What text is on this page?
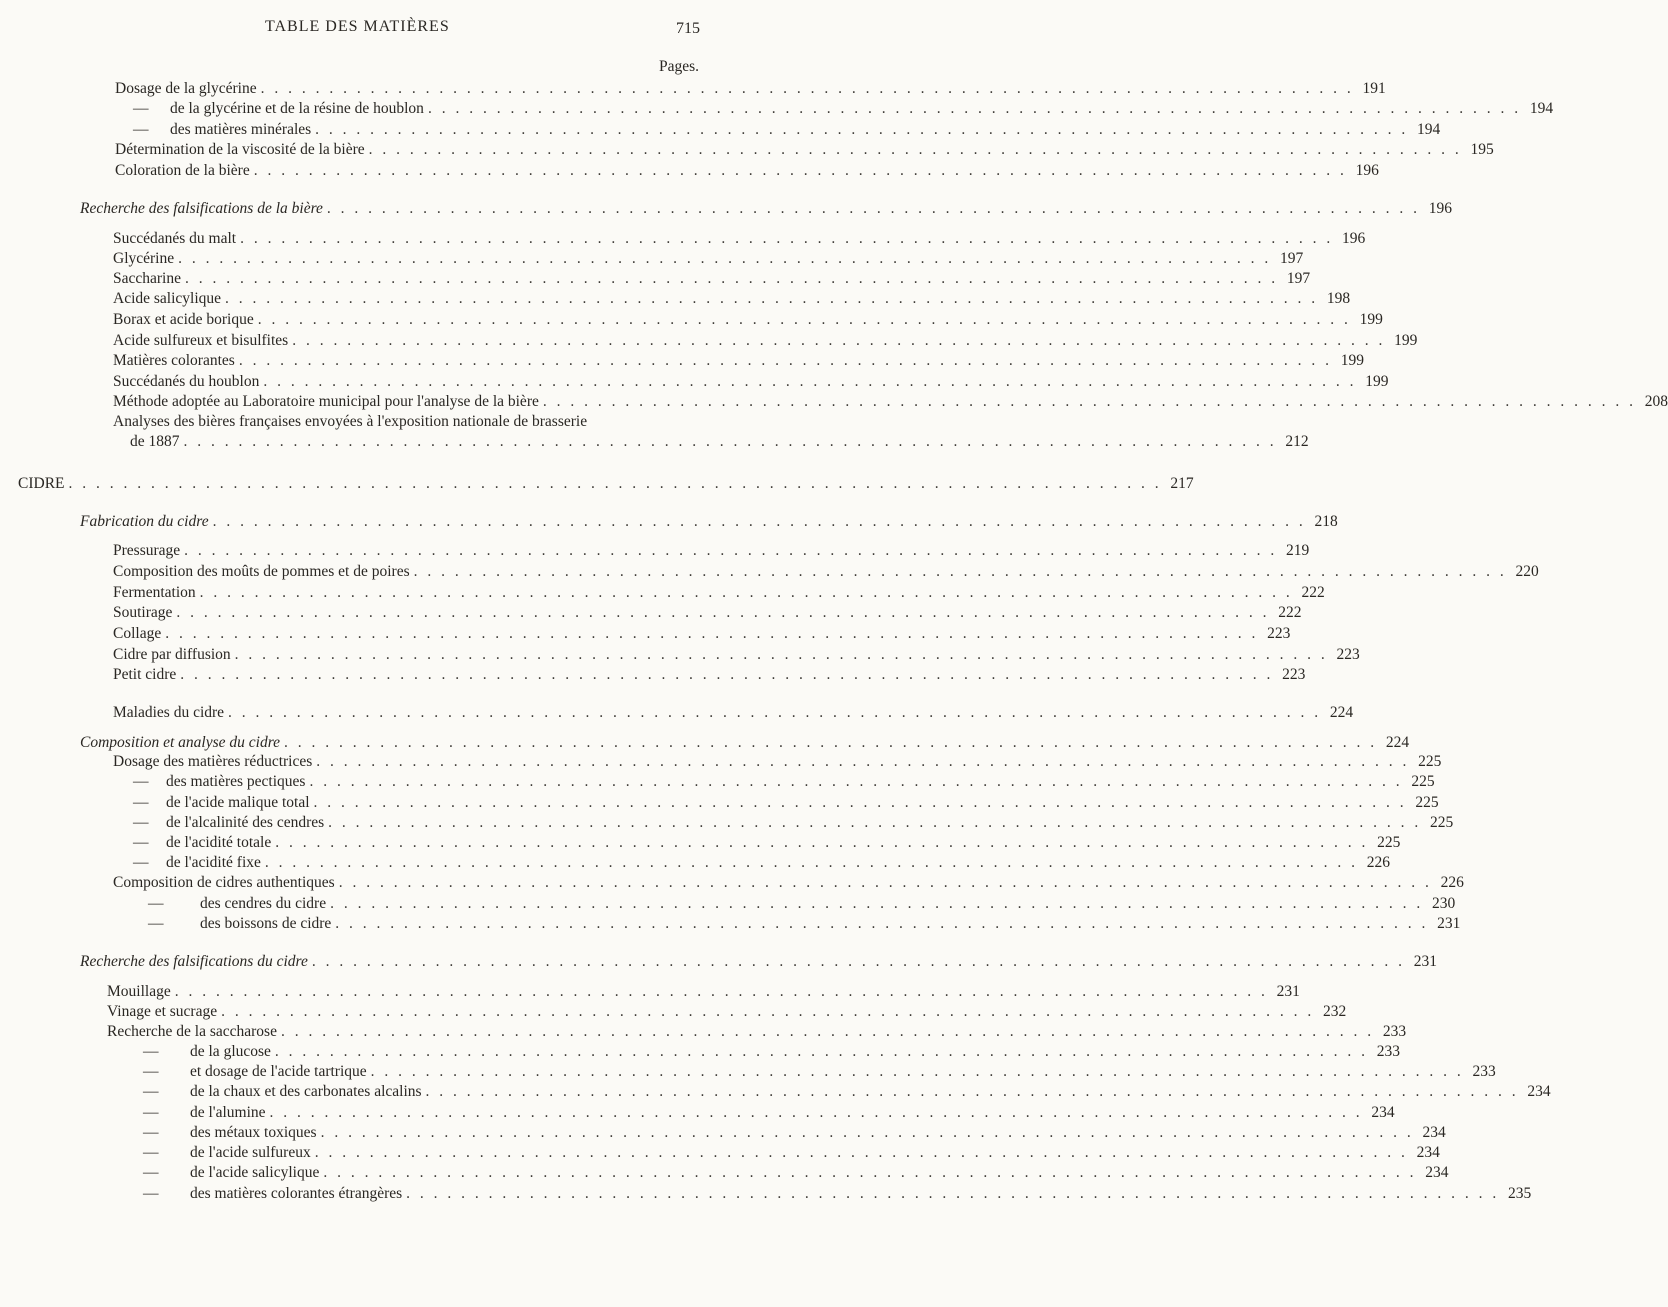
TABLE DES MATIÈRES	715
Pages.
Dosage de la glycérine . . . . . . . . . . . . . . . . . . . . . . . . . . . . . . . . . . . . . . . . . . . . . . . . . . . . . . . . . . . . . . . . . . . . . . . . . . . . . . . . 191
— de la glycérine et de la résine de houblon . . . . . . . . . . . . . . . . . . . . . . . . . . . . . . . . . . . . . . . . . . . . . . . . . . . . . . . . . . . . . . . . . . . . . . . . . . . . . . . . 194
— des matières minérales . . . . . . . . . . . . . . . . . . . . . . . . . . . . . . . . . . . . . . . . . . . . . . . . . . . . . . . . . . . . . . . . . . . . . . . . . . . . . . . . 194
Détermination de la viscosité de la bière . . . . . . . . . . . . . . . . . . . . . . . . . . . . . . . . . . . . . . . . . . . . . . . . . . . . . . . . . . . . . . . . . . . . . . . . . . . . . . . . 195
Coloration de la bière . . . . . . . . . . . . . . . . . . . . . . . . . . . . . . . . . . . . . . . . . . . . . . . . . . . . . . . . . . . . . . . . . . . . . . . . . . . . . . . . 196
Recherche des falsifications de la bière . . . . . . . . . . . . . . . . . . . . . . . . . . . . . . . . . . . . . . . . . . . . . . . . . . . . . . . . . . . . . . . . . . . . . . . . . . . . . . . . 196
Succédanés du malt . . . . . . . . . . . . . . . . . . . . . . . . . . . . . . . . . . . . . . . . . . . . . . . . . . . . . . . . . . . . . . . . . . . . . . . . . . . . . . . . 196
Glycérine . . . . . . . . . . . . . . . . . . . . . . . . . . . . . . . . . . . . . . . . . . . . . . . . . . . . . . . . . . . . . . . . . . . . . . . . . . . . . . . . 197
Saccharine . . . . . . . . . . . . . . . . . . . . . . . . . . . . . . . . . . . . . . . . . . . . . . . . . . . . . . . . . . . . . . . . . . . . . . . . . . . . . . . . 197
Acide salicylique . . . . . . . . . . . . . . . . . . . . . . . . . . . . . . . . . . . . . . . . . . . . . . . . . . . . . . . . . . . . . . . . . . . . . . . . . . . . . . . . 198
Borax et acide borique . . . . . . . . . . . . . . . . . . . . . . . . . . . . . . . . . . . . . . . . . . . . . . . . . . . . . . . . . . . . . . . . . . . . . . . . . . . . . . . . 199
Acide sulfureux et bisulfites . . . . . . . . . . . . . . . . . . . . . . . . . . . . . . . . . . . . . . . . . . . . . . . . . . . . . . . . . . . . . . . . . . . . . . . . . . . . . . . . 199
Matières colorantes . . . . . . . . . . . . . . . . . . . . . . . . . . . . . . . . . . . . . . . . . . . . . . . . . . . . . . . . . . . . . . . . . . . . . . . . . . . . . . . . 199
Succédanés du houblon . . . . . . . . . . . . . . . . . . . . . . . . . . . . . . . . . . . . . . . . . . . . . . . . . . . . . . . . . . . . . . . . . . . . . . . . . . . . . . . . 199
Méthode adoptée au Laboratoire municipal pour l'analyse de la bière . . . . . . . . . . . . . . . . . . . . . . . . . . . . . . . . . . . . . . . . . . . . . . . . . . . . . . . . . . . . . . . . . . . . . . . . . . . . . . . . 208
Analyses des bières françaises envoyées à l'exposition nationale de brasserie
de 1887 . . . . . . . . . . . . . . . . . . . . . . . . . . . . . . . . . . . . . . . . . . . . . . . . . . . . . . . . . . . . . . . . . . . . . . . . . . . . . . . . 212
CIDRE . . . . . . . . . . . . . . . . . . . . . . . . . . . . . . . . . . . . . . . . . . . . . . . . . . . . . . . . . . . . . . . . . . . . . . . . . . . . . . . . 217
Fabrication du cidre . . . . . . . . . . . . . . . . . . . . . . . . . . . . . . . . . . . . . . . . . . . . . . . . . . . . . . . . . . . . . . . . . . . . . . . . . . . . . . . . 218
Pressurage . . . . . . . . . . . . . . . . . . . . . . . . . . . . . . . . . . . . . . . . . . . . . . . . . . . . . . . . . . . . . . . . . . . . . . . . . . . . . . . . 219
Composition des moûts de pommes et de poires . . . . . . . . . . . . . . . . . . . . . . . . . . . . . . . . . . . . . . . . . . . . . . . . . . . . . . . . . . . . . . . . . . . . . . . . . . . . . . . . 220
Fermentation . . . . . . . . . . . . . . . . . . . . . . . . . . . . . . . . . . . . . . . . . . . . . . . . . . . . . . . . . . . . . . . . . . . . . . . . . . . . . . . . 222
Soutirage . . . . . . . . . . . . . . . . . . . . . . . . . . . . . . . . . . . . . . . . . . . . . . . . . . . . . . . . . . . . . . . . . . . . . . . . . . . . . . . . 222
Collage . . . . . . . . . . . . . . . . . . . . . . . . . . . . . . . . . . . . . . . . . . . . . . . . . . . . . . . . . . . . . . . . . . . . . . . . . . . . . . . . 223
Cidre par diffusion . . . . . . . . . . . . . . . . . . . . . . . . . . . . . . . . . . . . . . . . . . . . . . . . . . . . . . . . . . . . . . . . . . . . . . . . . . . . . . . . 223
Petit cidre . . . . . . . . . . . . . . . . . . . . . . . . . . . . . . . . . . . . . . . . . . . . . . . . . . . . . . . . . . . . . . . . . . . . . . . . . . . . . . . . 223
Maladies du cidre . . . . . . . . . . . . . . . . . . . . . . . . . . . . . . . . . . . . . . . . . . . . . . . . . . . . . . . . . . . . . . . . . . . . . . . . . . . . . . . . 224
Composition et analyse du cidre . . . . . . . . . . . . . . . . . . . . . . . . . . . . . . . . . . . . . . . . . . . . . . . . . . . . . . . . . . . . . . . . . . . . . . . . . . . . . . . . 224
Dosage des matières réductrices . . . . . . . . . . . . . . . . . . . . . . . . . . . . . . . . . . . . . . . . . . . . . . . . . . . . . . . . . . . . . . . . . . . . . . . . . . . . . . . . 225
— des matières pectiques . . . . . . . . . . . . . . . . . . . . . . . . . . . . . . . . . . . . . . . . . . . . . . . . . . . . . . . . . . . . . . . . . . . . . . . . . . . . . . . . 225
— de l'acide malique total . . . . . . . . . . . . . . . . . . . . . . . . . . . . . . . . . . . . . . . . . . . . . . . . . . . . . . . . . . . . . . . . . . . . . . . . . . . . . . . . 225
— de l'alcalinité des cendres . . . . . . . . . . . . . . . . . . . . . . . . . . . . . . . . . . . . . . . . . . . . . . . . . . . . . . . . . . . . . . . . . . . . . . . . . . . . . . . . 225
— de l'acidité totale . . . . . . . . . . . . . . . . . . . . . . . . . . . . . . . . . . . . . . . . . . . . . . . . . . . . . . . . . . . . . . . . . . . . . . . . . . . . . . . . 225
— de l'acidité fixe . . . . . . . . . . . . . . . . . . . . . . . . . . . . . . . . . . . . . . . . . . . . . . . . . . . . . . . . . . . . . . . . . . . . . . . . . . . . . . . . 226
Composition de cidres authentiques . . . . . . . . . . . . . . . . . . . . . . . . . . . . . . . . . . . . . . . . . . . . . . . . . . . . . . . . . . . . . . . . . . . . . . . . . . . . . . . . 226
— des cendres du cidre . . . . . . . . . . . . . . . . . . . . . . . . . . . . . . . . . . . . . . . . . . . . . . . . . . . . . . . . . . . . . . . . . . . . . . . . . . . . . . . . 230
— des boissons de cidre . . . . . . . . . . . . . . . . . . . . . . . . . . . . . . . . . . . . . . . . . . . . . . . . . . . . . . . . . . . . . . . . . . . . . . . . . . . . . . . . 231
Recherche des falsifications du cidre . . . . . . . . . . . . . . . . . . . . . . . . . . . . . . . . . . . . . . . . . . . . . . . . . . . . . . . . . . . . . . . . . . . . . . . . . . . . . . . . 231
Mouillage . . . . . . . . . . . . . . . . . . . . . . . . . . . . . . . . . . . . . . . . . . . . . . . . . . . . . . . . . . . . . . . . . . . . . . . . . . . . . . . . 231
Vinage et sucrage . . . . . . . . . . . . . . . . . . . . . . . . . . . . . . . . . . . . . . . . . . . . . . . . . . . . . . . . . . . . . . . . . . . . . . . . . . . . . . . . 232
Recherche de la saccharose . . . . . . . . . . . . . . . . . . . . . . . . . . . . . . . . . . . . . . . . . . . . . . . . . . . . . . . . . . . . . . . . . . . . . . . . . . . . . . . . 233
— de la glucose . . . . . . . . . . . . . . . . . . . . . . . . . . . . . . . . . . . . . . . . . . . . . . . . . . . . . . . . . . . . . . . . . . . . . . . . . . . . . . . . 233
— et dosage de l'acide tartrique . . . . . . . . . . . . . . . . . . . . . . . . . . . . . . . . . . . . . . . . . . . . . . . . . . . . . . . . . . . . . . . . . . . . . . . . . . . . . . . . 233
— de la chaux et des carbonates alcalins . . . . . . . . . . . . . . . . . . . . . . . . . . . . . . . . . . . . . . . . . . . . . . . . . . . . . . . . . . . . . . . . . . . . . . . . . . . . . . . . 234
— de l'alumine . . . . . . . . . . . . . . . . . . . . . . . . . . . . . . . . . . . . . . . . . . . . . . . . . . . . . . . . . . . . . . . . . . . . . . . . . . . . . . . . 234
— des métaux toxiques . . . . . . . . . . . . . . . . . . . . . . . . . . . . . . . . . . . . . . . . . . . . . . . . . . . . . . . . . . . . . . . . . . . . . . . . . . . . . . . . 234
— de l'acide sulfureux . . . . . . . . . . . . . . . . . . . . . . . . . . . . . . . . . . . . . . . . . . . . . . . . . . . . . . . . . . . . . . . . . . . . . . . . . . . . . . . . 234
— de l'acide salicylique . . . . . . . . . . . . . . . . . . . . . . . . . . . . . . . . . . . . . . . . . . . . . . . . . . . . . . . . . . . . . . . . . . . . . . . . . . . . . . . . 234
— des matières colorantes étrangères . . . . . . . . . . . . . . . . . . . . . . . . . . . . . . . . . . . . . . . . . . . . . . . . . . . . . . . . . . . . . . . . . . . . . . . . . . . . . . . . 235
